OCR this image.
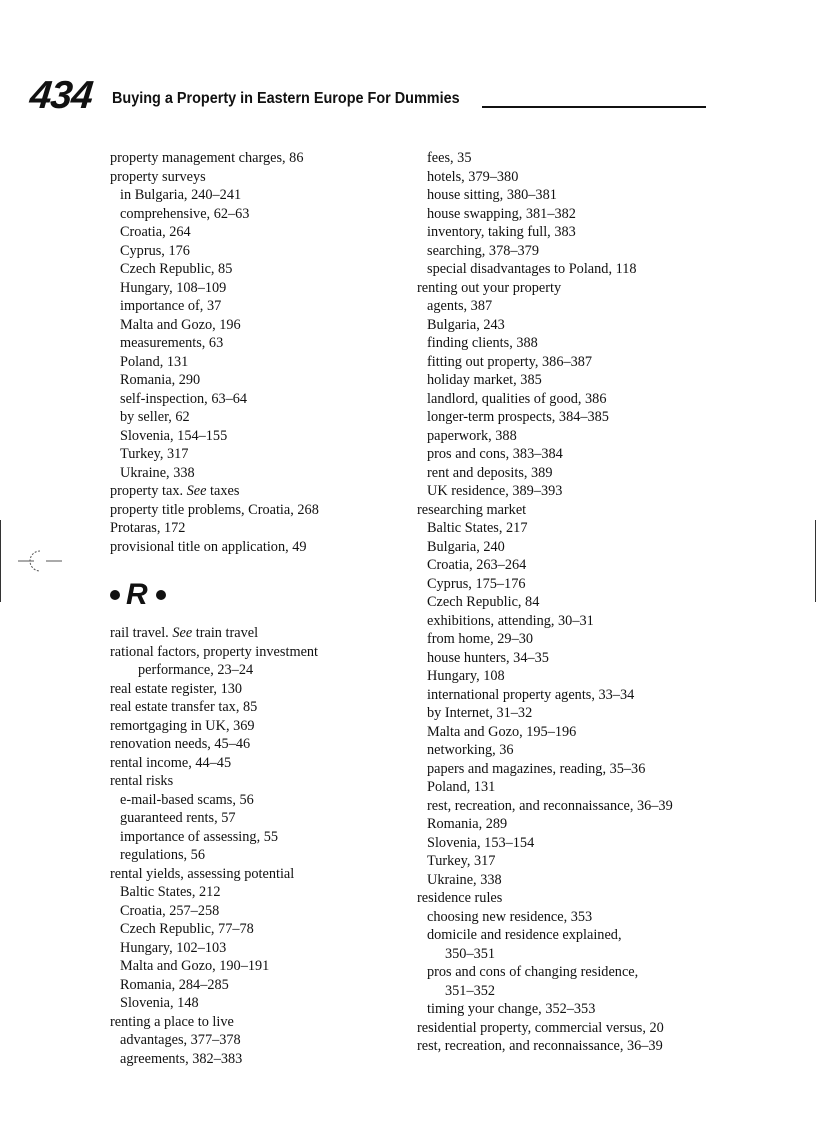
434 Buying a Property in Eastern Europe For Dummies
property management charges, 86
property surveys
in Bulgaria, 240–241
comprehensive, 62–63
Croatia, 264
Cyprus, 176
Czech Republic, 85
Hungary, 108–109
importance of, 37
Malta and Gozo, 196
measurements, 63
Poland, 131
Romania, 290
self-inspection, 63–64
by seller, 62
Slovenia, 154–155
Turkey, 317
Ukraine, 338
property tax. See taxes
property title problems, Croatia, 268
Protaras, 172
provisional title on application, 49
R
rail travel. See train travel
rational factors, property investment
performance, 23–24
real estate register, 130
real estate transfer tax, 85
remortgaging in UK, 369
renovation needs, 45–46
rental income, 44–45
rental risks
e-mail-based scams, 56
guaranteed rents, 57
importance of assessing, 55
regulations, 56
rental yields, assessing potential
Baltic States, 212
Croatia, 257–258
Czech Republic, 77–78
Hungary, 102–103
Malta and Gozo, 190–191
Romania, 284–285
Slovenia, 148
renting a place to live
advantages, 377–378
agreements, 382–383
fees, 35
hotels, 379–380
house sitting, 380–381
house swapping, 381–382
inventory, taking full, 383
searching, 378–379
special disadvantages to Poland, 118
renting out your property
agents, 387
Bulgaria, 243
finding clients, 388
fitting out property, 386–387
holiday market, 385
landlord, qualities of good, 386
longer-term prospects, 384–385
paperwork, 388
pros and cons, 383–384
rent and deposits, 389
UK residence, 389–393
researching market
Baltic States, 217
Bulgaria, 240
Croatia, 263–264
Cyprus, 175–176
Czech Republic, 84
exhibitions, attending, 30–31
from home, 29–30
house hunters, 34–35
Hungary, 108
international property agents, 33–34
by Internet, 31–32
Malta and Gozo, 195–196
networking, 36
papers and magazines, reading, 35–36
Poland, 131
rest, recreation, and reconnaissance, 36–39
Romania, 289
Slovenia, 153–154
Turkey, 317
Ukraine, 338
residence rules
choosing new residence, 353
domicile and residence explained,
350–351
pros and cons of changing residence,
351–352
timing your change, 352–353
residential property, commercial versus, 20
rest, recreation, and reconnaissance, 36–39
